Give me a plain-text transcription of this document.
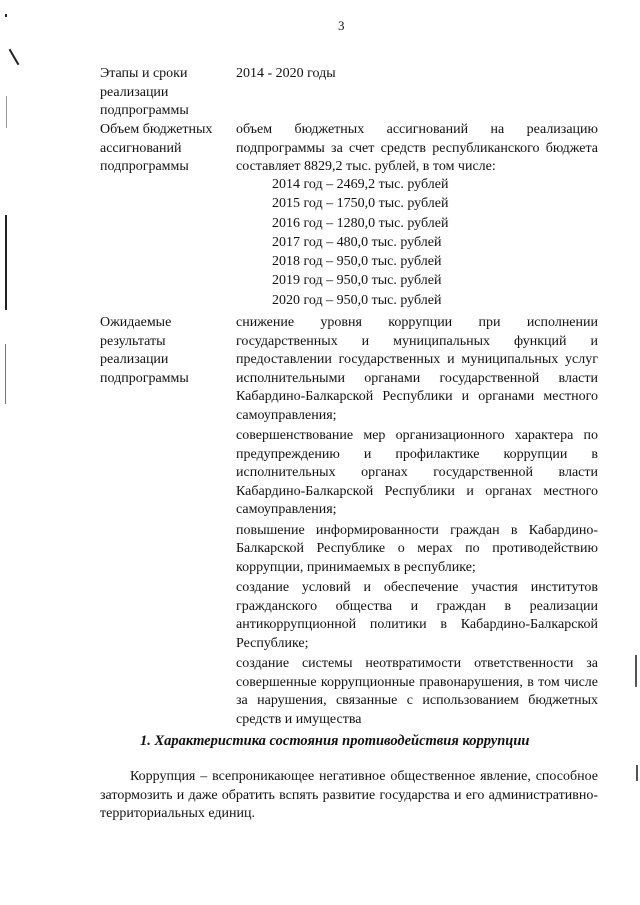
3
Этапы и сроки реализации подпрограммы
2014 - 2020 годы
Объем бюджетных ассигнований подпрограммы
объем бюджетных ассигнований на реализацию подпрограммы за счет средств республиканского бюджета составляет 8829,2 тыс. рублей, в том числе:
2014 год – 2469,2 тыс. рублей
2015 год – 1750,0 тыс. рублей
2016 год – 1280,0 тыс. рублей
2017 год – 480,0 тыс. рублей
2018 год – 950,0 тыс. рублей
2019 год – 950,0 тыс. рублей
2020 год – 950,0 тыс. рублей
Ожидаемые результаты реализации подпрограммы

снижение уровня коррупции при исполнении государственных и муниципальных функций и предоставлении государственных и муниципальных услуг исполнительными органами государственной власти Кабардино-Балкарской Республики и органами местного самоуправления;

совершенствование мер организационного характера по предупреждению и профилактике коррупции в исполнительных органах государственной власти Кабардино-Балкарской Республики и органах местного самоуправления;

повышение информированности граждан в Кабардино-Балкарской Республике о мерах по противодействию коррупции, принимаемых в республике;

создание условий и обеспечение участия институтов гражданского общества и граждан в реализации антикоррупционной политики в Кабардино-Балкарской Республике;

создание системы неотвратимости ответственности за совершенные коррупционные правонарушения, в том числе за нарушения, связанные с использованием бюджетных средств и имущества

1. Характеристика состояния противодействия коррупции
Коррупция – всепроникающее негативное общественное явление, способное затормозить и даже обратить вспять развитие государства и его административно-территориальных единиц.
